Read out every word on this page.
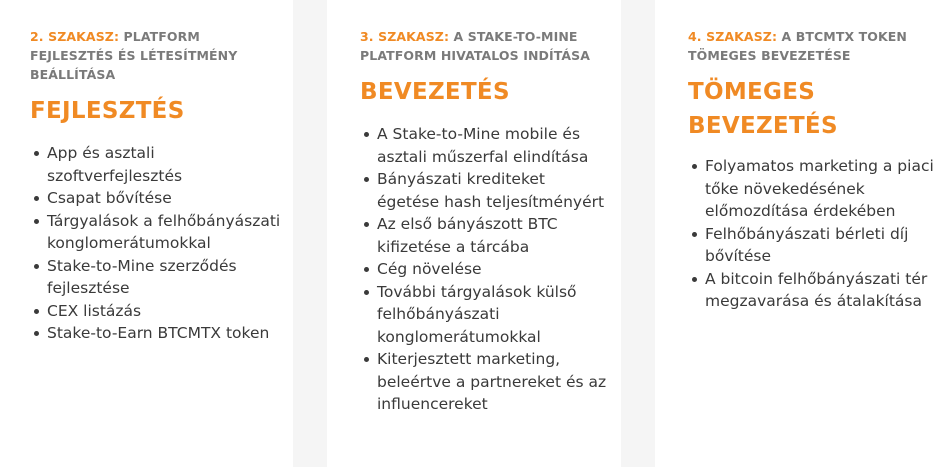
2. SZAKASZ: PLATFORM FEJLESZTÉS ÉS LÉTESÍTMÉNY BEÁLLÍTÁSA

FEJLESZTÉS
App és asztali szoftverfejlesztés
Csapat bővítése
Tárgyalások a felhőbányászati konglomerátumokkal
Stake-to-Mine szerződés fejlesztése
CEX listázás
Stake-to-Earn BTCMTX token

3. SZAKASZ: A STAKE-TO-MINE PLATFORM HIVATALOS INDÍTÁSA

BEVEZETÉS
A Stake-to-Mine mobile és asztali műszerfal elindítása
Bányászati krediteket égetése hash teljesítményért
Az első bányászott BTC kifizetése a tárcába
Cég növelése
További tárgyalások külső felhőbányászati konglomerátumokkal
Kiterjesztett marketing, beleértve a partnereket és az influencereket

4. SZAKASZ: A BTCMTX TOKEN TÖMEGES BEVEZETÉSE

TÖMEGES BEVEZETÉS
Folyamatos marketing a piaci tőke növekedésének előmozdítása érdekében
Felhőbányászati bérleti díj bővítése
A bitcoin felhőbányászati tér megzavarása és átalakítása
